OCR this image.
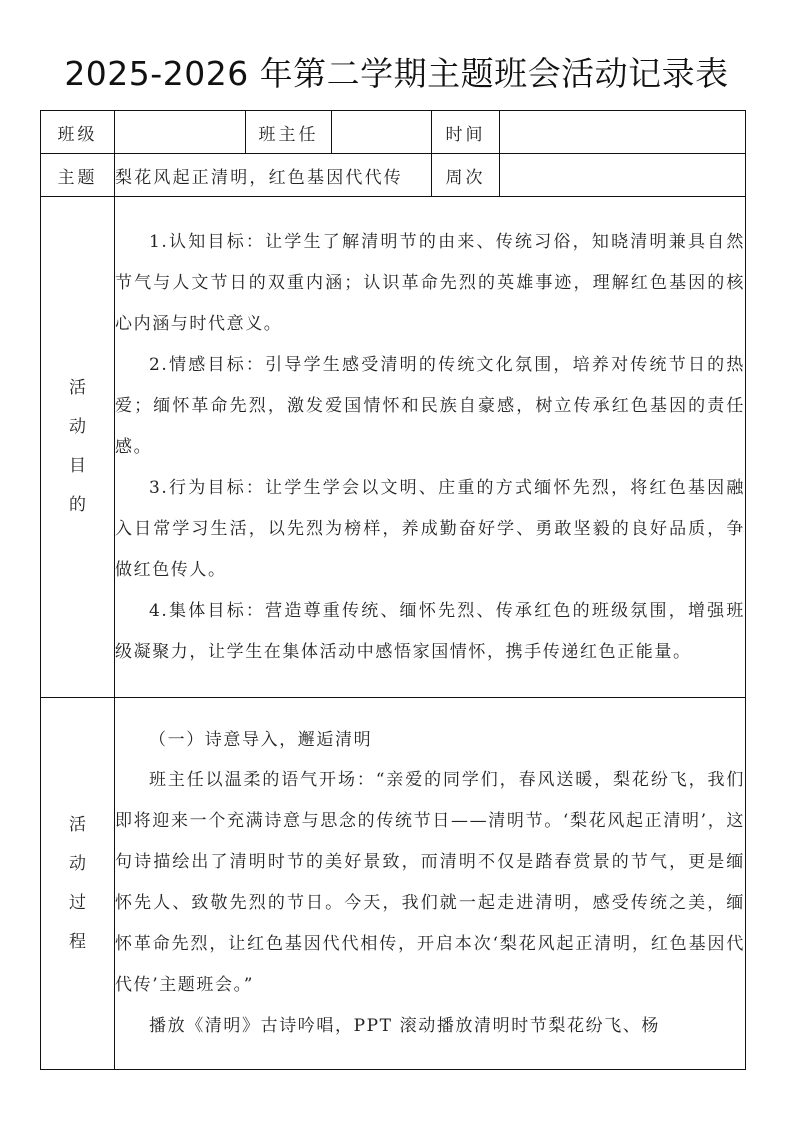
2025-2026 年第二学期主题班会活动记录表
班级		班主任		时间	
主题	梨花风起正清明，红色基因代代传			周次	

活
动
目
的

1.认知目标：让学生了解清明节的由来、传统习俗，知晓清明兼具自然节气与人文节日的双重内涵；认识革命先烈的英雄事迹，理解红色基因的核心内涵与时代意义。

2.情感目标：引导学生感受清明的传统文化氛围，培养对传统节日的热爱；缅怀革命先烈，激发爱国情怀和民族自豪感，树立传承红色基因的责任感。

3.行为目标：让学生学会以文明、庄重的方式缅怀先烈，将红色基因融入日常学习生活，以先烈为榜样，养成勤奋好学、勇敢坚毅的良好品质，争做红色传人。

4.集体目标：营造尊重传统、缅怀先烈、传承红色的班级氛围，增强班级凝聚力，让学生在集体活动中感悟家国情怀，携手传递红色正能量。

活
动
过
程

（一）诗意导入，邂逅清明

班主任以温柔的语气开场：“亲爱的同学们，春风送暖，梨花纷飞，我们即将迎来一个充满诗意与思念的传统节日——清明节。‘梨花风起正清明’，这句诗描绘出了清明时节的美好景致，而清明不仅是踏春赏景的节气，更是缅怀先人、致敬先烈的节日。今天，我们就一起走进清明，感受传统之美，缅怀革命先烈，让红色基因代代相传，开启本次‘梨花风起正清明，红色基因代代传’主题班会。”

播放《清明》古诗吟唱，PPT 滚动播放清明时节梨花纷飞、杨
